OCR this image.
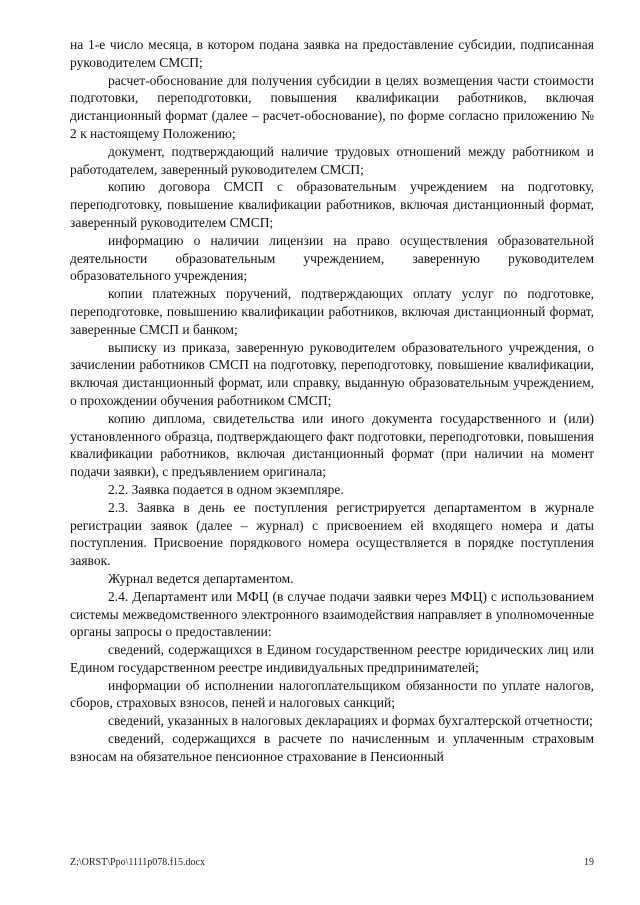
на 1-е число месяца, в котором подана заявка на предоставление субсидии, подписанная руководителем СМСП;

расчет-обоснование для получения субсидии в целях возмещения части стоимости подготовки, переподготовки, повышения квалификации работников, включая дистанционный формат (далее – расчет-обоснование), по форме согласно приложению № 2 к настоящему Положению;

документ, подтверждающий наличие трудовых отношений между работником и работодателем, заверенный руководителем СМСП;

копию договора СМСП с образовательным учреждением на подготовку, переподготовку, повышение квалификации работников, включая дистанционный формат, заверенный руководителем СМСП;

информацию о наличии лицензии на право осуществления образовательной деятельности образовательным учреждением, заверенную руководителем образовательного учреждения;

копии платежных поручений, подтверждающих оплату услуг по подготовке, переподготовке, повышению квалификации работников, включая дистанционный формат, заверенные СМСП и банком;

выписку из приказа, заверенную руководителем образовательного учреждения, о зачислении работников СМСП на подготовку, переподготовку, повышение квалификации, включая дистанционный формат, или справку, выданную образовательным учреждением, о прохождении обучения работником СМСП;

копию диплома, свидетельства или иного документа государственного и (или) установленного образца, подтверждающего факт подготовки, переподготовки, повышения квалификации работников, включая дистанционный формат (при наличии на момент подачи заявки), с предъявлением оригинала;

2.2. Заявка подается в одном экземпляре.

2.3. Заявка в день ее поступления регистрируется департаментом в журнале регистрации заявок (далее – журнал) с присвоением ей входящего номера и даты поступления. Присвоение порядкового номера осуществляется в порядке поступления заявок.

Журнал ведется департаментом.

2.4. Департамент или МФЦ (в случае подачи заявки через МФЦ) с использованием системы межведомственного электронного взаимодействия направляет в уполномоченные органы запросы о предоставлении:

сведений, содержащихся в Едином государственном реестре юридических лиц или Едином государственном реестре индивидуальных предпринимателей;

информации об исполнении налогоплательщиком обязанности по уплате налогов, сборов, страховых взносов, пеней и налоговых санкций;

сведений, указанных в налоговых декларациях и формах бухгалтерской отчетности;

сведений, содержащихся в расчете по начисленным и уплаченным страховым взносам на обязательное пенсионное страхование в Пенсионный

Z:\ORST\Ppo\1111p078.f15.docx	19
